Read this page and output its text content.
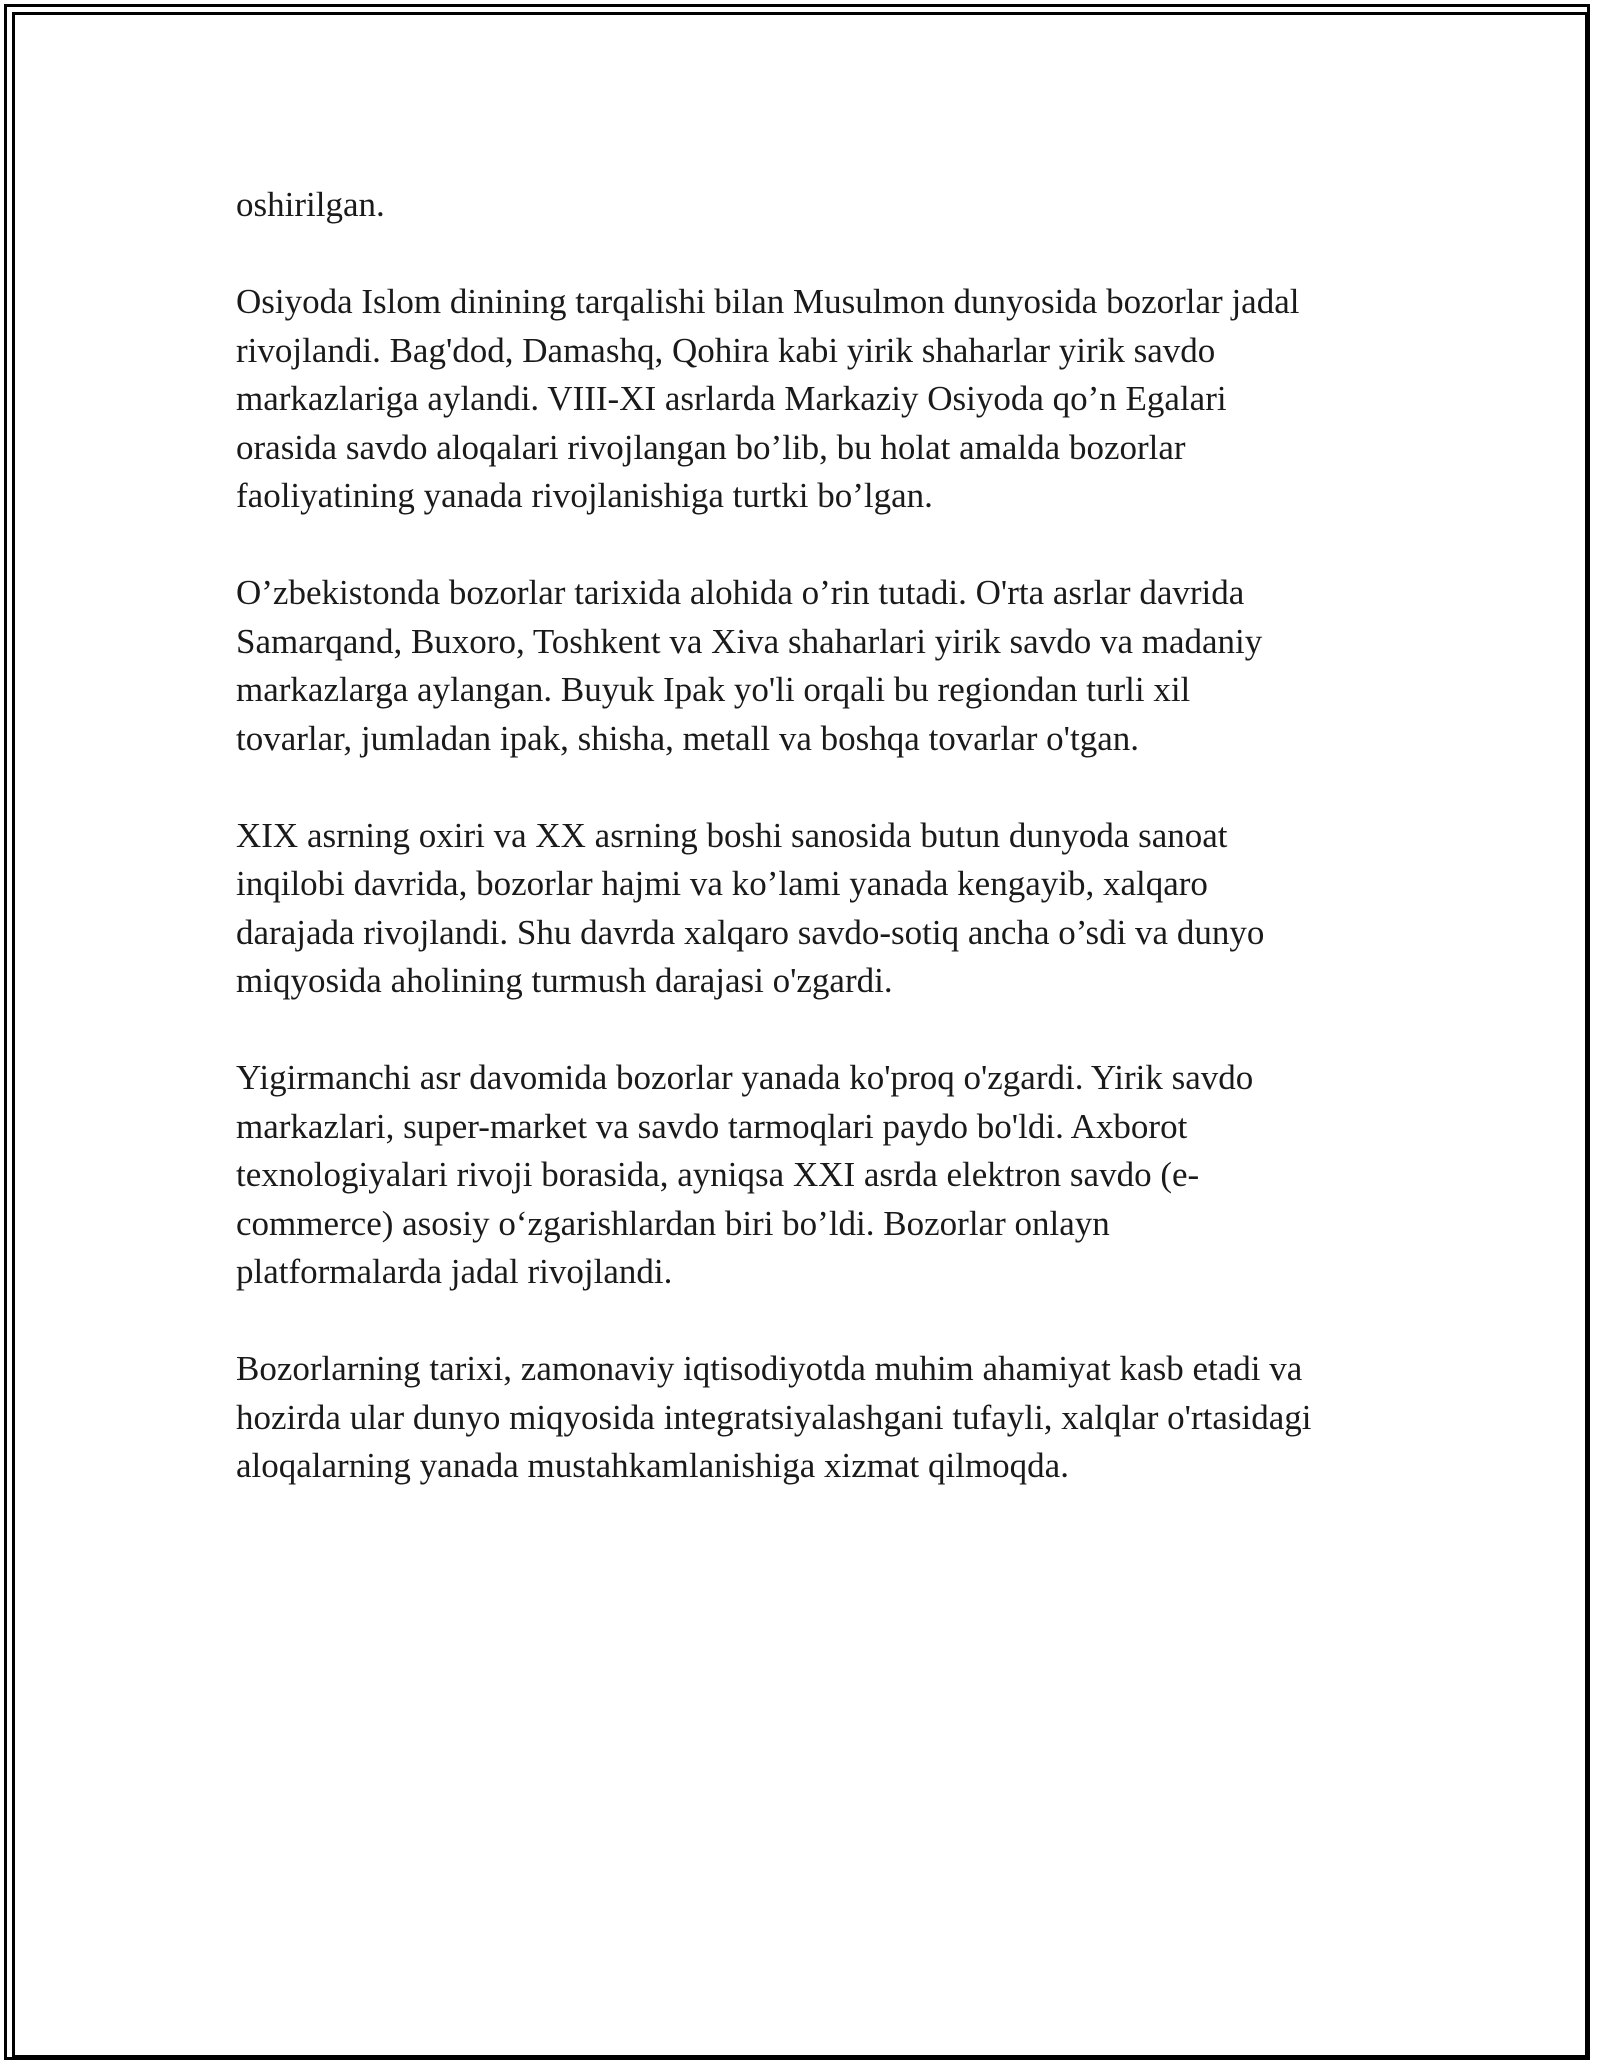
oshirilgan.

Osiyoda Islom dinining tarqalishi bilan Musulmon dunyosida bozorlar jadal
rivojlandi. Bag'dod, Damashq, Qohira kabi yirik shaharlar yirik savdo
markazlariga aylandi. VIII-XI asrlarda Markaziy Osiyoda qo’n Egalari
orasida savdo aloqalari rivojlangan bo’lib, bu holat amalda bozorlar
faoliyatining yanada rivojlanishiga turtki bo’lgan.

O’zbekistonda bozorlar tarixida alohida o’rin tutadi. O'rta asrlar davrida
Samarqand, Buxoro, Toshkent va Xiva shaharlari yirik savdo va madaniy
markazlarga aylangan. Buyuk Ipak yo'li orqali bu regiondan turli xil
tovarlar, jumladan ipak, shisha, metall va boshqa tovarlar o'tgan.

XIX asrning oxiri va XX asrning boshi sanosida butun dunyoda sanoat
inqilobi davrida, bozorlar hajmi va ko’lami yanada kengayib, xalqaro
darajada rivojlandi. Shu davrda xalqaro savdo-sotiq ancha o’sdi va dunyo
miqyosida aholining turmush darajasi o'zgardi.

Yigirmanchi asr davomida bozorlar yanada ko'proq o'zgardi. Yirik savdo
markazlari, super-market va savdo tarmoqlari paydo bo'ldi. Axborot
texnologiyalari rivoji borasida, ayniqsa XXI asrda elektron savdo (e-
commerce) asosiy o‘zgarishlardan biri bo’ldi. Bozorlar onlayn
platformalarda jadal rivojlandi.

Bozorlarning tarixi, zamonaviy iqtisodiyotda muhim ahamiyat kasb etadi va
hozirda ular dunyo miqyosida integratsiyalashgani tufayli, xalqlar o'rtasidagi
aloqalarning yanada mustahkamlanishiga xizmat qilmoqda.
